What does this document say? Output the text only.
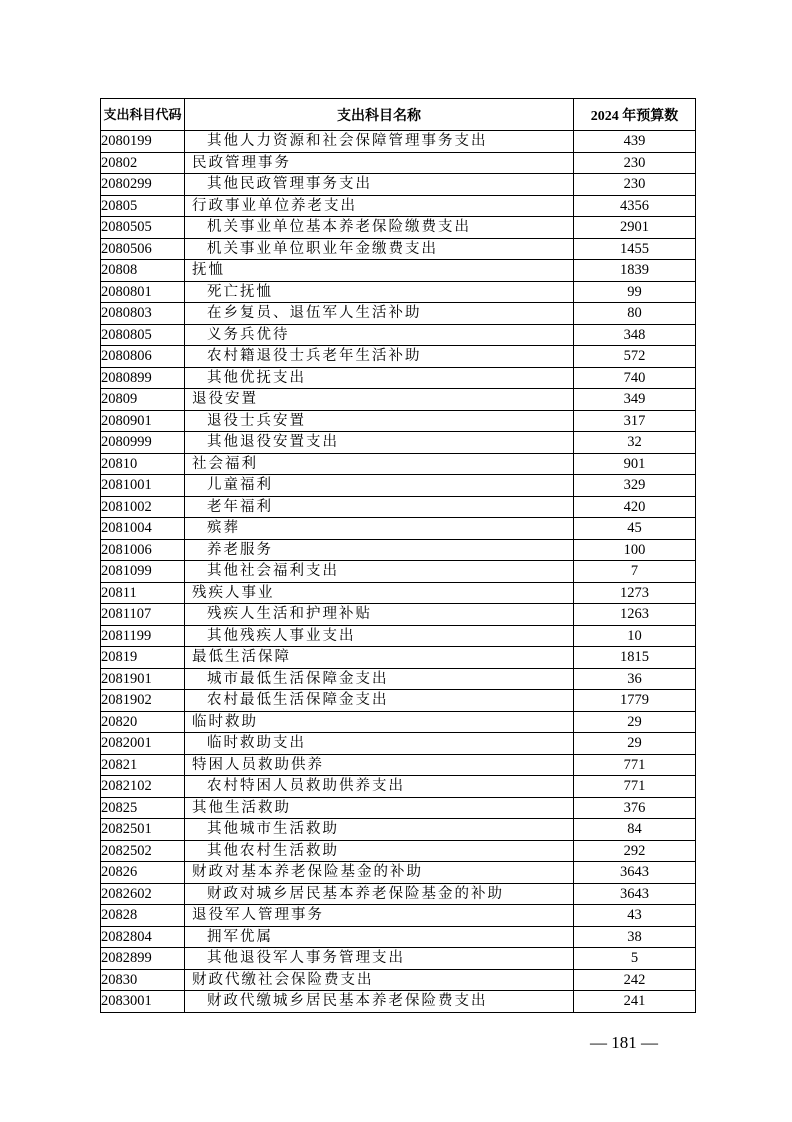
支出科目代码	支出科目名称	2024 年预算数
2080199	其他人力资源和社会保障管理事务支出	439
20802	民政管理事务	230
2080299	其他民政管理事务支出	230
20805	行政事业单位养老支出	4356
2080505	机关事业单位基本养老保险缴费支出	2901
2080506	机关事业单位职业年金缴费支出	1455
20808	抚恤	1839
2080801	死亡抚恤	99
2080803	在乡复员、退伍军人生活补助	80
2080805	义务兵优待	348
2080806	农村籍退役士兵老年生活补助	572
2080899	其他优抚支出	740
20809	退役安置	349
2080901	退役士兵安置	317
2080999	其他退役安置支出	32
20810	社会福利	901
2081001	儿童福利	329
2081002	老年福利	420
2081004	殡葬	45
2081006	养老服务	100
2081099	其他社会福利支出	7
20811	残疾人事业	1273
2081107	残疾人生活和护理补贴	1263
2081199	其他残疾人事业支出	10
20819	最低生活保障	1815
2081901	城市最低生活保障金支出	36
2081902	农村最低生活保障金支出	1779
20820	临时救助	29
2082001	临时救助支出	29
20821	特困人员救助供养	771
2082102	农村特困人员救助供养支出	771
20825	其他生活救助	376
2082501	其他城市生活救助	84
2082502	其他农村生活救助	292
20826	财政对基本养老保险基金的补助	3643
2082602	财政对城乡居民基本养老保险基金的补助	3643
20828	退役军人管理事务	43
2082804	拥军优属	38
2082899	其他退役军人事务管理支出	5
20830	财政代缴社会保险费支出	242
2083001	财政代缴城乡居民基本养老保险费支出	241
— 181 —
